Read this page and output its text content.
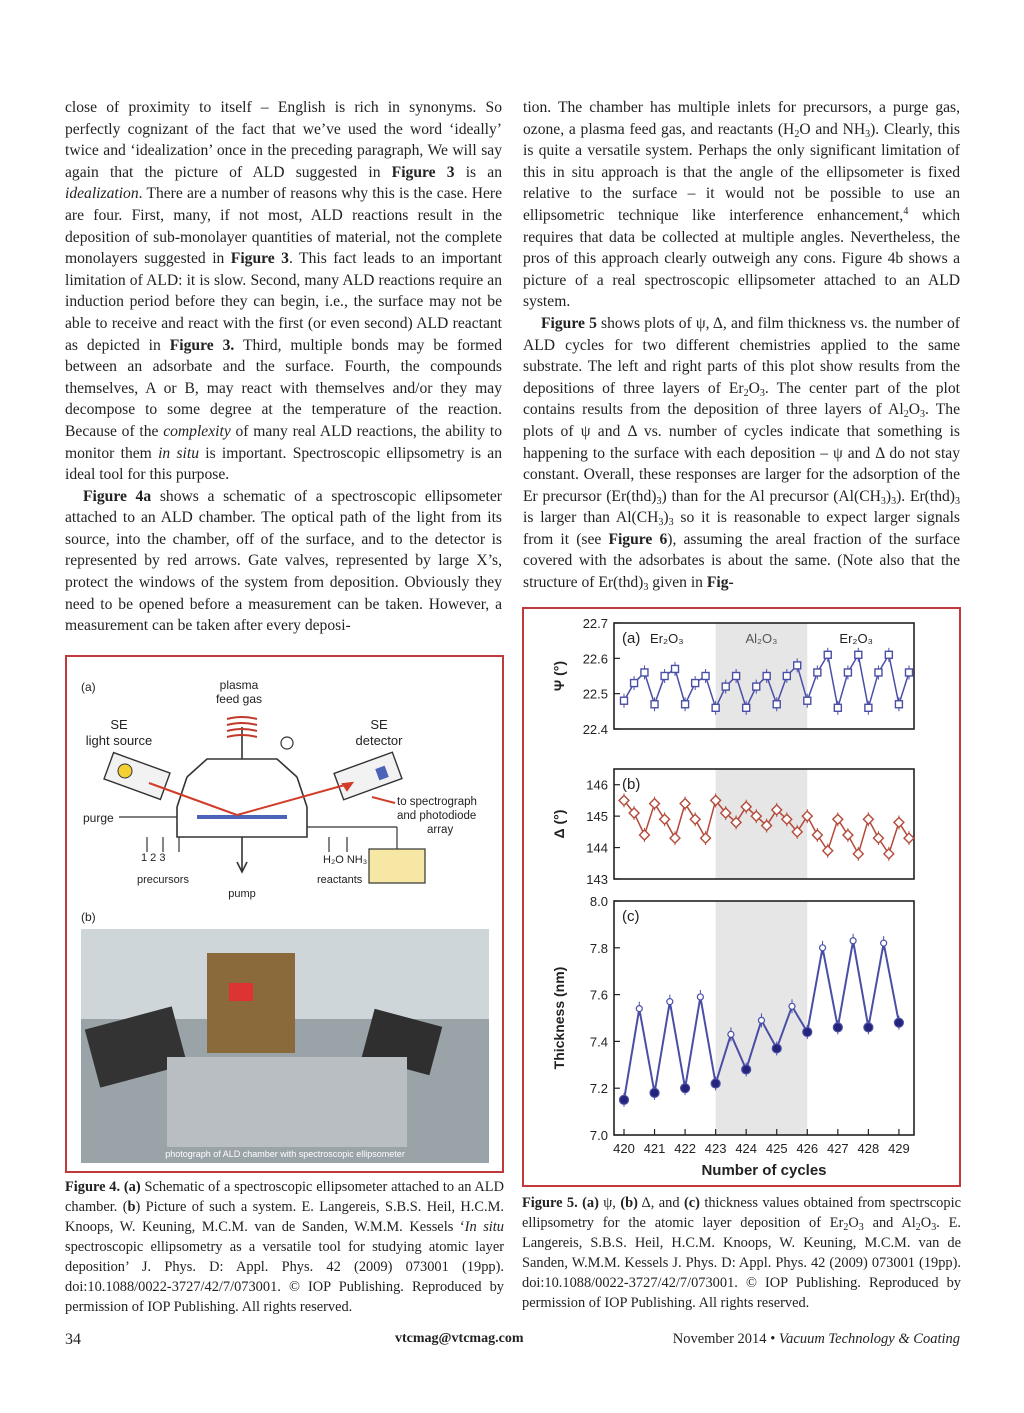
close of proximity to itself – English is rich in synonyms. So perfectly cognizant of the fact that we’ve used the word ‘ideally’ twice and ‘idealization’ once in the preceding paragraph, We will say again that the picture of ALD suggested in Figure 3 is an idealization. There are a number of reasons why this is the case. Here are four. First, many, if not most, ALD reactions result in the deposition of sub-monolayer quantities of material, not the complete monolayers suggested in Figure 3. This fact leads to an important limitation of ALD: it is slow. Second, many ALD reactions require an induction period before they can begin, i.e., the surface may not be able to receive and react with the first (or even second) ALD reactant as depicted in Figure 3. Third, multiple bonds may be formed between an adsorbate and the surface. Fourth, the compounds themselves, A or B, may react with themselves and/or they may decompose to some degree at the temperature of the reaction. Because of the complexity of many real ALD reactions, the ability to monitor them in situ is important. Spectroscopic ellipsometry is an ideal tool for this purpose.

Figure 4a shows a schematic of a spectroscopic ellipsometer attached to an ALD chamber. The optical path of the light from its source, into the chamber, off of the surface, and to the detector is represented by red arrows. Gate valves, represented by large X’s, protect the windows of the system from deposition. Obviously they need to be opened before a measurement can be taken. However, a measurement can be taken after every deposi-

tion. The chamber has multiple inlets for precursors, a purge gas, ozone, a plasma feed gas, and reactants ($H_2O$ and $NH_3$). Clearly, this is quite a versatile system. Perhaps the only significant limitation of this in situ approach is that the angle of the ellipsometer is fixed relative to the surface – it would not be possible to use an ellipsometric technique like interference enhancement,$^4$ which requires that data be collected at multiple angles. Nevertheless, the pros of this approach clearly outweigh any cons. Figure 4b shows a picture of a real spectroscopic ellipsometer attached to an ALD system.

Figure 5 shows plots of ψ, Δ, and film thickness vs. the number of ALD cycles for two different chemistries applied to the same substrate. The left and right parts of this plot show results from the depositions of three layers of $Er_2O_3$. The center part of the plot contains results from the deposition of three layers of $Al_2O_3$. The plots of ψ and Δ vs. number of cycles indicate that something is happening to the surface with each deposition – ψ and Δ do not stay constant. Overall, these responses are larger for the adsorption of the Er precursor $(Er(thd)_3)$ than for the Al precursor $(Al(CH_3)_3)$. $Er(thd)_3$ is larger than $Al(CH_3)_3$ so it is reasonable to expect larger signals from it (see Figure 6), assuming the areal fraction of the surface covered with the adsorbates is about the same. (Note also that the structure of $Er(thd)_3$ given in Fig-

(a)	plasma
feed gas
SE
light source
SE
detector
purge
to spectrograph
and photodiode
array
1 2 3
precursors
pump
H₂O NH₃
reactants
(b)
photograph of ALD chamber with spectroscopic ellipsometer
Figure 4. (a) Schematic of a spectroscopic ellipsometer attached to an ALD chamber. (b) Picture of such a system. E. Langereis, S.B.S. Heil, H.C.M. Knoops, W. Keuning, M.C.M. van de Sanden, W.M.M. Kessels ‘In situ spectroscopic ellipsometry as a versatile tool for studying atomic layer deposition’ J. Phys. D: Appl. Phys. 42 (2009) 073001 (19pp). doi:10.1088/0022-3727/42/7/073001. © IOP Publishing. Reproduced by permission of IOP Publishing. All rights reserved.
22.7
22.6
22.5
22.4
Ψ (°)
(a) Er₂O₃	Al₂O₃	Er₂O₃
146
145
144
143
Δ (°)
(b)
8.0
7.8
7.6
7.4
7.2
7.0
Thickness (nm)
(c)
420 421 422 423 424 425 426 427 428 429
Number of cycles
Figure 5. (a) ψ, (b) Δ, and (c) thickness values obtained from spectrscopic ellipsometry for the atomic layer deposition of $Er_2O_3$ and $Al_2O_3$. E. Langereis, S.B.S. Heil, H.C.M. Knoops, W. Keuning, M.C.M. van de Sanden, W.M.M. Kessels J. Phys. D: Appl. Phys. 42 (2009) 073001 (19pp). doi:10.1088/0022-3727/42/7/073001. © IOP Publishing. Reproduced by permission of IOP Publishing. All rights reserved.
34	vtcmag@vtcmag.com	November 2014 • Vacuum Technology & Coating
